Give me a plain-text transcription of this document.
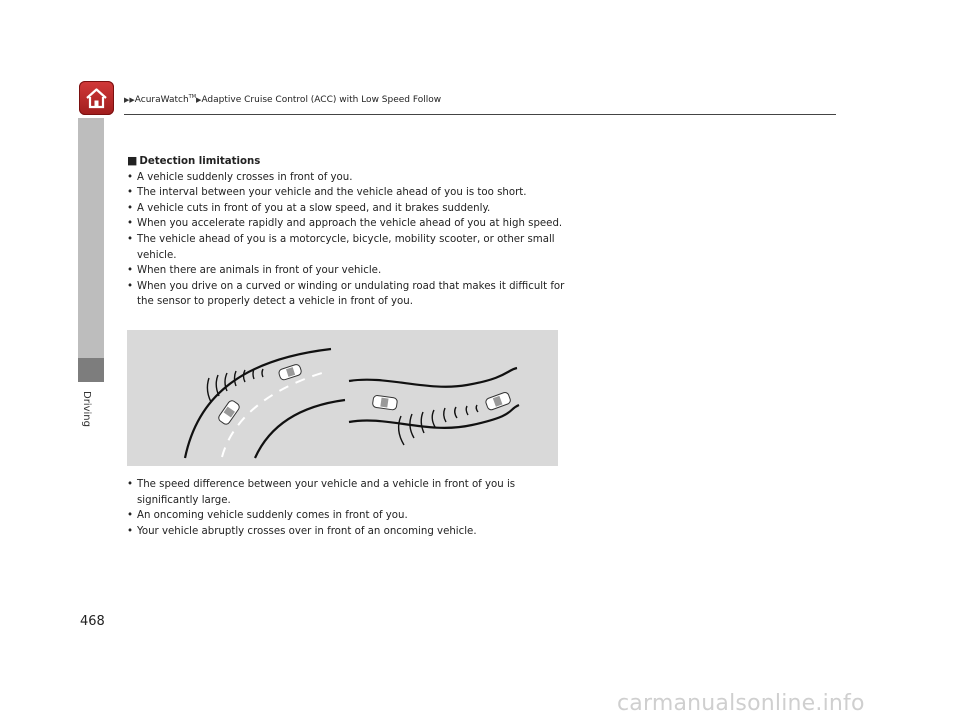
▶▶AcuraWatch™▶Adaptive Cruise Control (ACC) with Low Speed Follow
Driving
■ Detection limitations
• A vehicle suddenly crosses in front of you.
• The interval between your vehicle and the vehicle ahead of you is too short.
• A vehicle cuts in front of you at a slow speed, and it brakes suddenly.
• When you accelerate rapidly and approach the vehicle ahead of you at high speed.
• The vehicle ahead of you is a motorcycle, bicycle, mobility scooter, or other small vehicle.
• When there are animals in front of your vehicle.
• When you drive on a curved or winding or undulating road that makes it difficult for the sensor to properly detect a vehicle in front of you.
• The speed difference between your vehicle and a vehicle in front of you is significantly large.
• An oncoming vehicle suddenly comes in front of you.
• Your vehicle abruptly crosses over in front of an oncoming vehicle.
468
carmanualsonline.info
